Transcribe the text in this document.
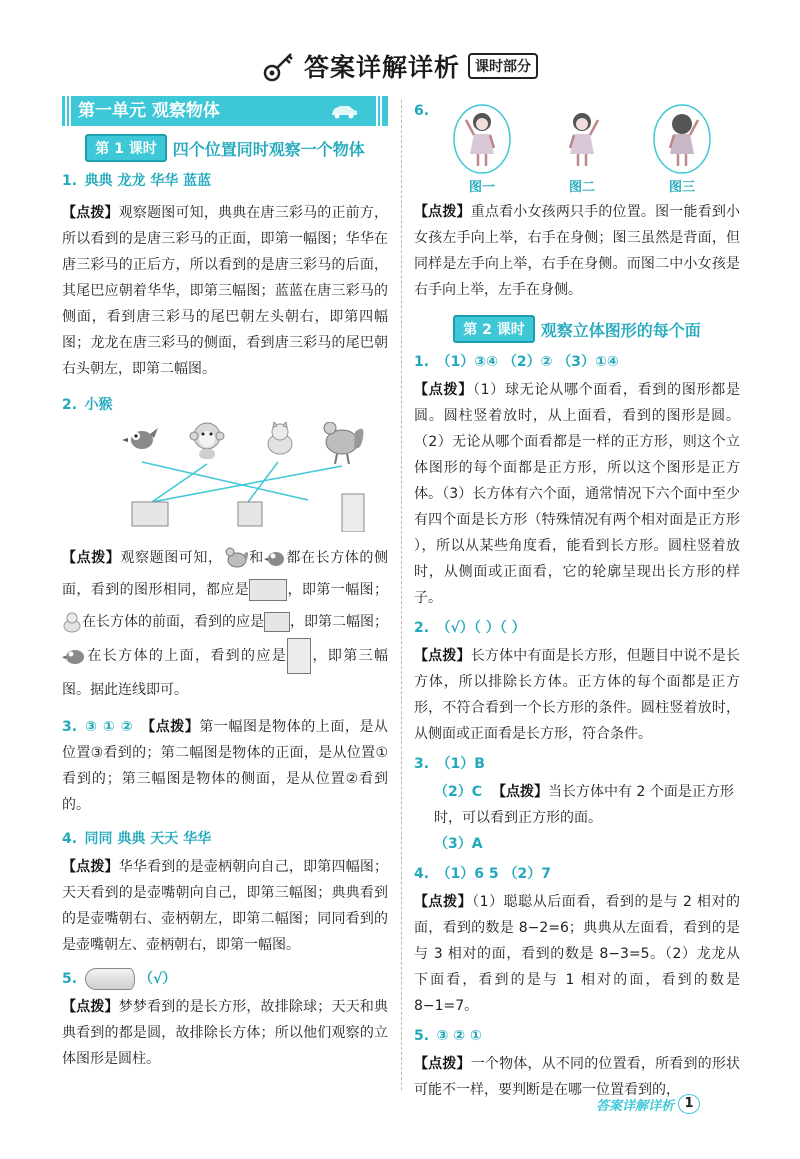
答案详解详析	课时部分
第一单元 观察物体
第 1 课时	四个位置同时观察一个物体
1. 典典 龙龙 华华 蓝蓝
【点拨】观察题图可知，典典在唐三彩马的正前方，所以看到的是唐三彩马的正面，即第一幅图；华华在唐三彩马的正后方，所以看到的是唐三彩马的后面，其尾巴应朝着华华，即第三幅图；蓝蓝在唐三彩马的侧面，看到唐三彩马的尾巴朝左头朝右，即第四幅图；龙龙在唐三彩马的侧面，看到唐三彩马的尾巴朝右头朝左，即第二幅图。
2. 小猴
【点拨】观察题图可知， 和 都在长方体的侧面，看到的图形相同，都应是	，即第一幅图；在长方体的前面，看到的应是 ，即第二幅图；在长方体的上面，看到的应是 ，即第三幅图。据此连线即可。
3. ③ ① ② 【点拨】第一幅图是物体的上面，是从位置③看到的；第二幅图是物体的正面，是从位置①看到的；第三幅图是物体的侧面，是从位置②看到的。
4. 同同 典典 天天 华华
【点拨】华华看到的是壶柄朝向自己，即第四幅图；天天看到的是壶嘴朝向自己，即第三幅图；典典看到的是壶嘴朝右、壶柄朝左，即第二幅图；同同看到的是壶嘴朝左、壶柄朝右，即第一幅图。
5.	（√）
【点拨】梦梦看到的是长方形，故排除球；天天和典典看到的都是圆，故排除长方体；所以他们观察的立体图形是圆柱。
6.
图一	图二	图三
【点拨】重点看小女孩两只手的位置。图一能看到小女孩左手向上举，右手在身侧；图三虽然是背面，但同样是左手向上举，右手在身侧。而图二中小女孩是右手向上举，左手在身侧。
第 2 课时	观察立体图形的每个面
1. （1）③④ （2）② （3）①④
【点拨】（1）球无论从哪个面看，看到的图形都是圆。圆柱竖着放时，从上面看，看到的图形是圆。（2）无论从哪个面看都是一样的正方形，则这个立体图形的每个面都是正方形，所以这个图形是正方体。（3）长方体有六个面，通常情况下六个面中至少有四个面是长方形（特殊情况有两个相对面是正方形 ），所以从某些角度看，能看到长方形。圆柱竖着放时，从侧面或正面看，它的轮廓呈现出长方形的样子。
2. （√）（ ）（ ）
【点拨】长方体中有面是长方形，但题目中说不是长方体，所以排除长方体。正方体的每个面都是正方形，不符合看到一个长方形的条件。圆柱竖着放时，从侧面或正面看是长方形，符合条件。
3. （1）B
（2）C 【点拨】当长方体中有 2 个面是正方形时，可以看到正方形的面。
（3）A
4. （1）6 5 （2）7
【点拨】（1）聪聪从后面看，看到的是与 2 相对的面，看到的数是 8−2=6；典典从左面看，看到的是与 3 相对的面，看到的数是 8−3=5。（2）龙龙从下面看，看到的是与 1 相对的面，看到的数是 8−1=7。
5. ③ ② ①
【点拨】一个物体，从不同的位置看，所看到的形状可能不一样，要判断是在哪一位置看到的，
答案详解详析 1
